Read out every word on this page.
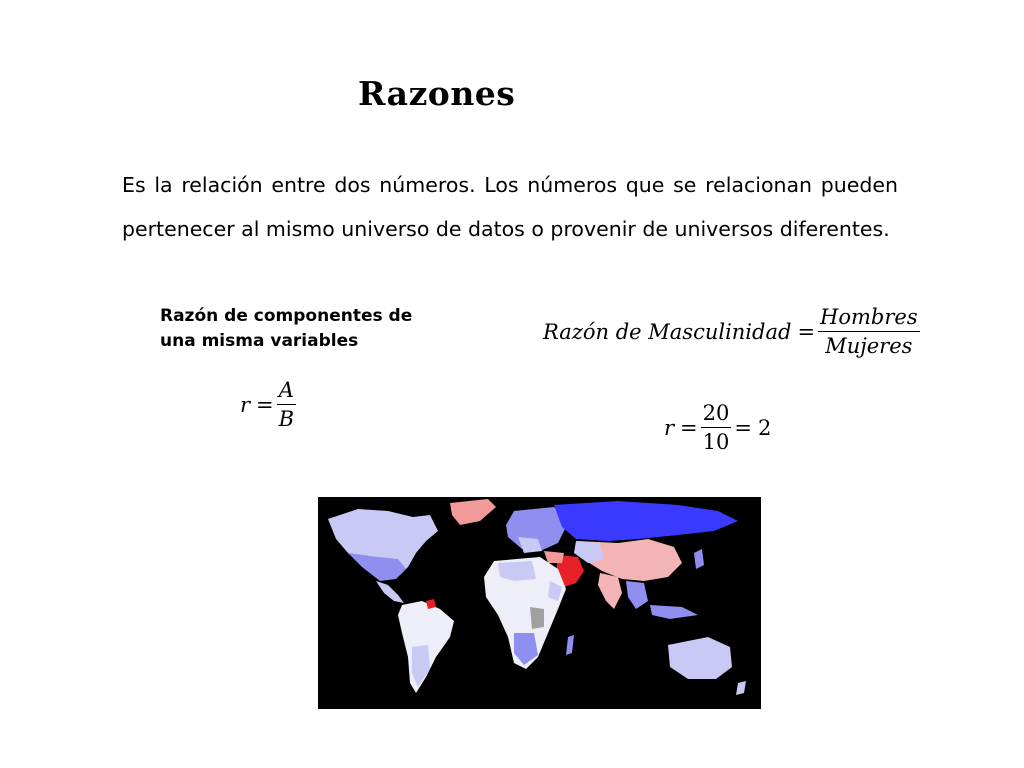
Razones
Es la relación entre dos números. Los números que se relacionan pueden pertenecer al mismo universo de datos o provenir de universos diferentes.
Razón de componentes de una misma variables
$r = \frac{A}{B}$
Razón de Masculinidad = $\frac{\text{Hombres}}{\text{Mujeres}}$
$r = \frac{20}{10} = 2$
